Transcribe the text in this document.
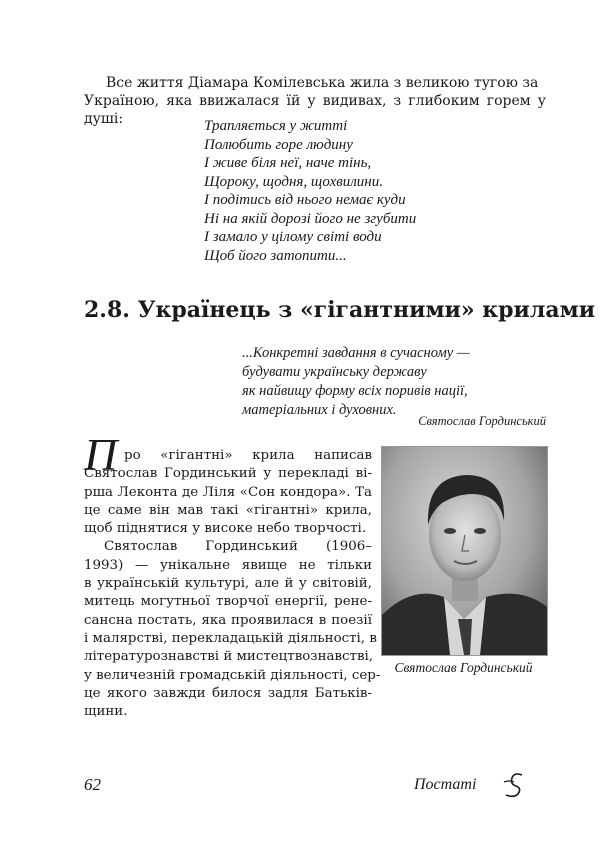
Все життя Діамара Комілевська жила з великою тугою за
Україною, яка ввижалася їй у видивах, з глибоким горем у душі:	Трапляється у житті
Полюбить горе людину
І живе біля неї, наче тінь,
Щороку, щодня, щохвилини.
І подітись від нього немає куди
Ні на якій дорозі його не згубити
І замало у цілому світі води
Щоб його затопити...
2.8. Українець з «гігантними» крилами
...Конкретні завдання в сучасному —
будувати українську державу
як найвищу форму всіх поривів нації,
матеріальних і духовних.
Святослав Гординський
П ро «гігантні» крила написав
Святослав Гординський у перекладі ві-
рша Леконта де Ліля «Сон кондора». Та
це саме він мав такі «гігантні» крила,
щоб піднятися у високе небо творчості.
Святослав Гординський (1906–
1993) — унікальне явище не тільки
в українській культурі, але й у світовій,
митець могутньої творчої енергії, рене-
сансна постать, яка проявилася в поезії
і малярстві, перекладацькій діяльності, в
літературознавстві й мистецтвознавстві,
у величезній громадській діяльності, сер-
це якого завжди билося задля Батьків-
щини.
Святослав Гординський
62	Постаті
